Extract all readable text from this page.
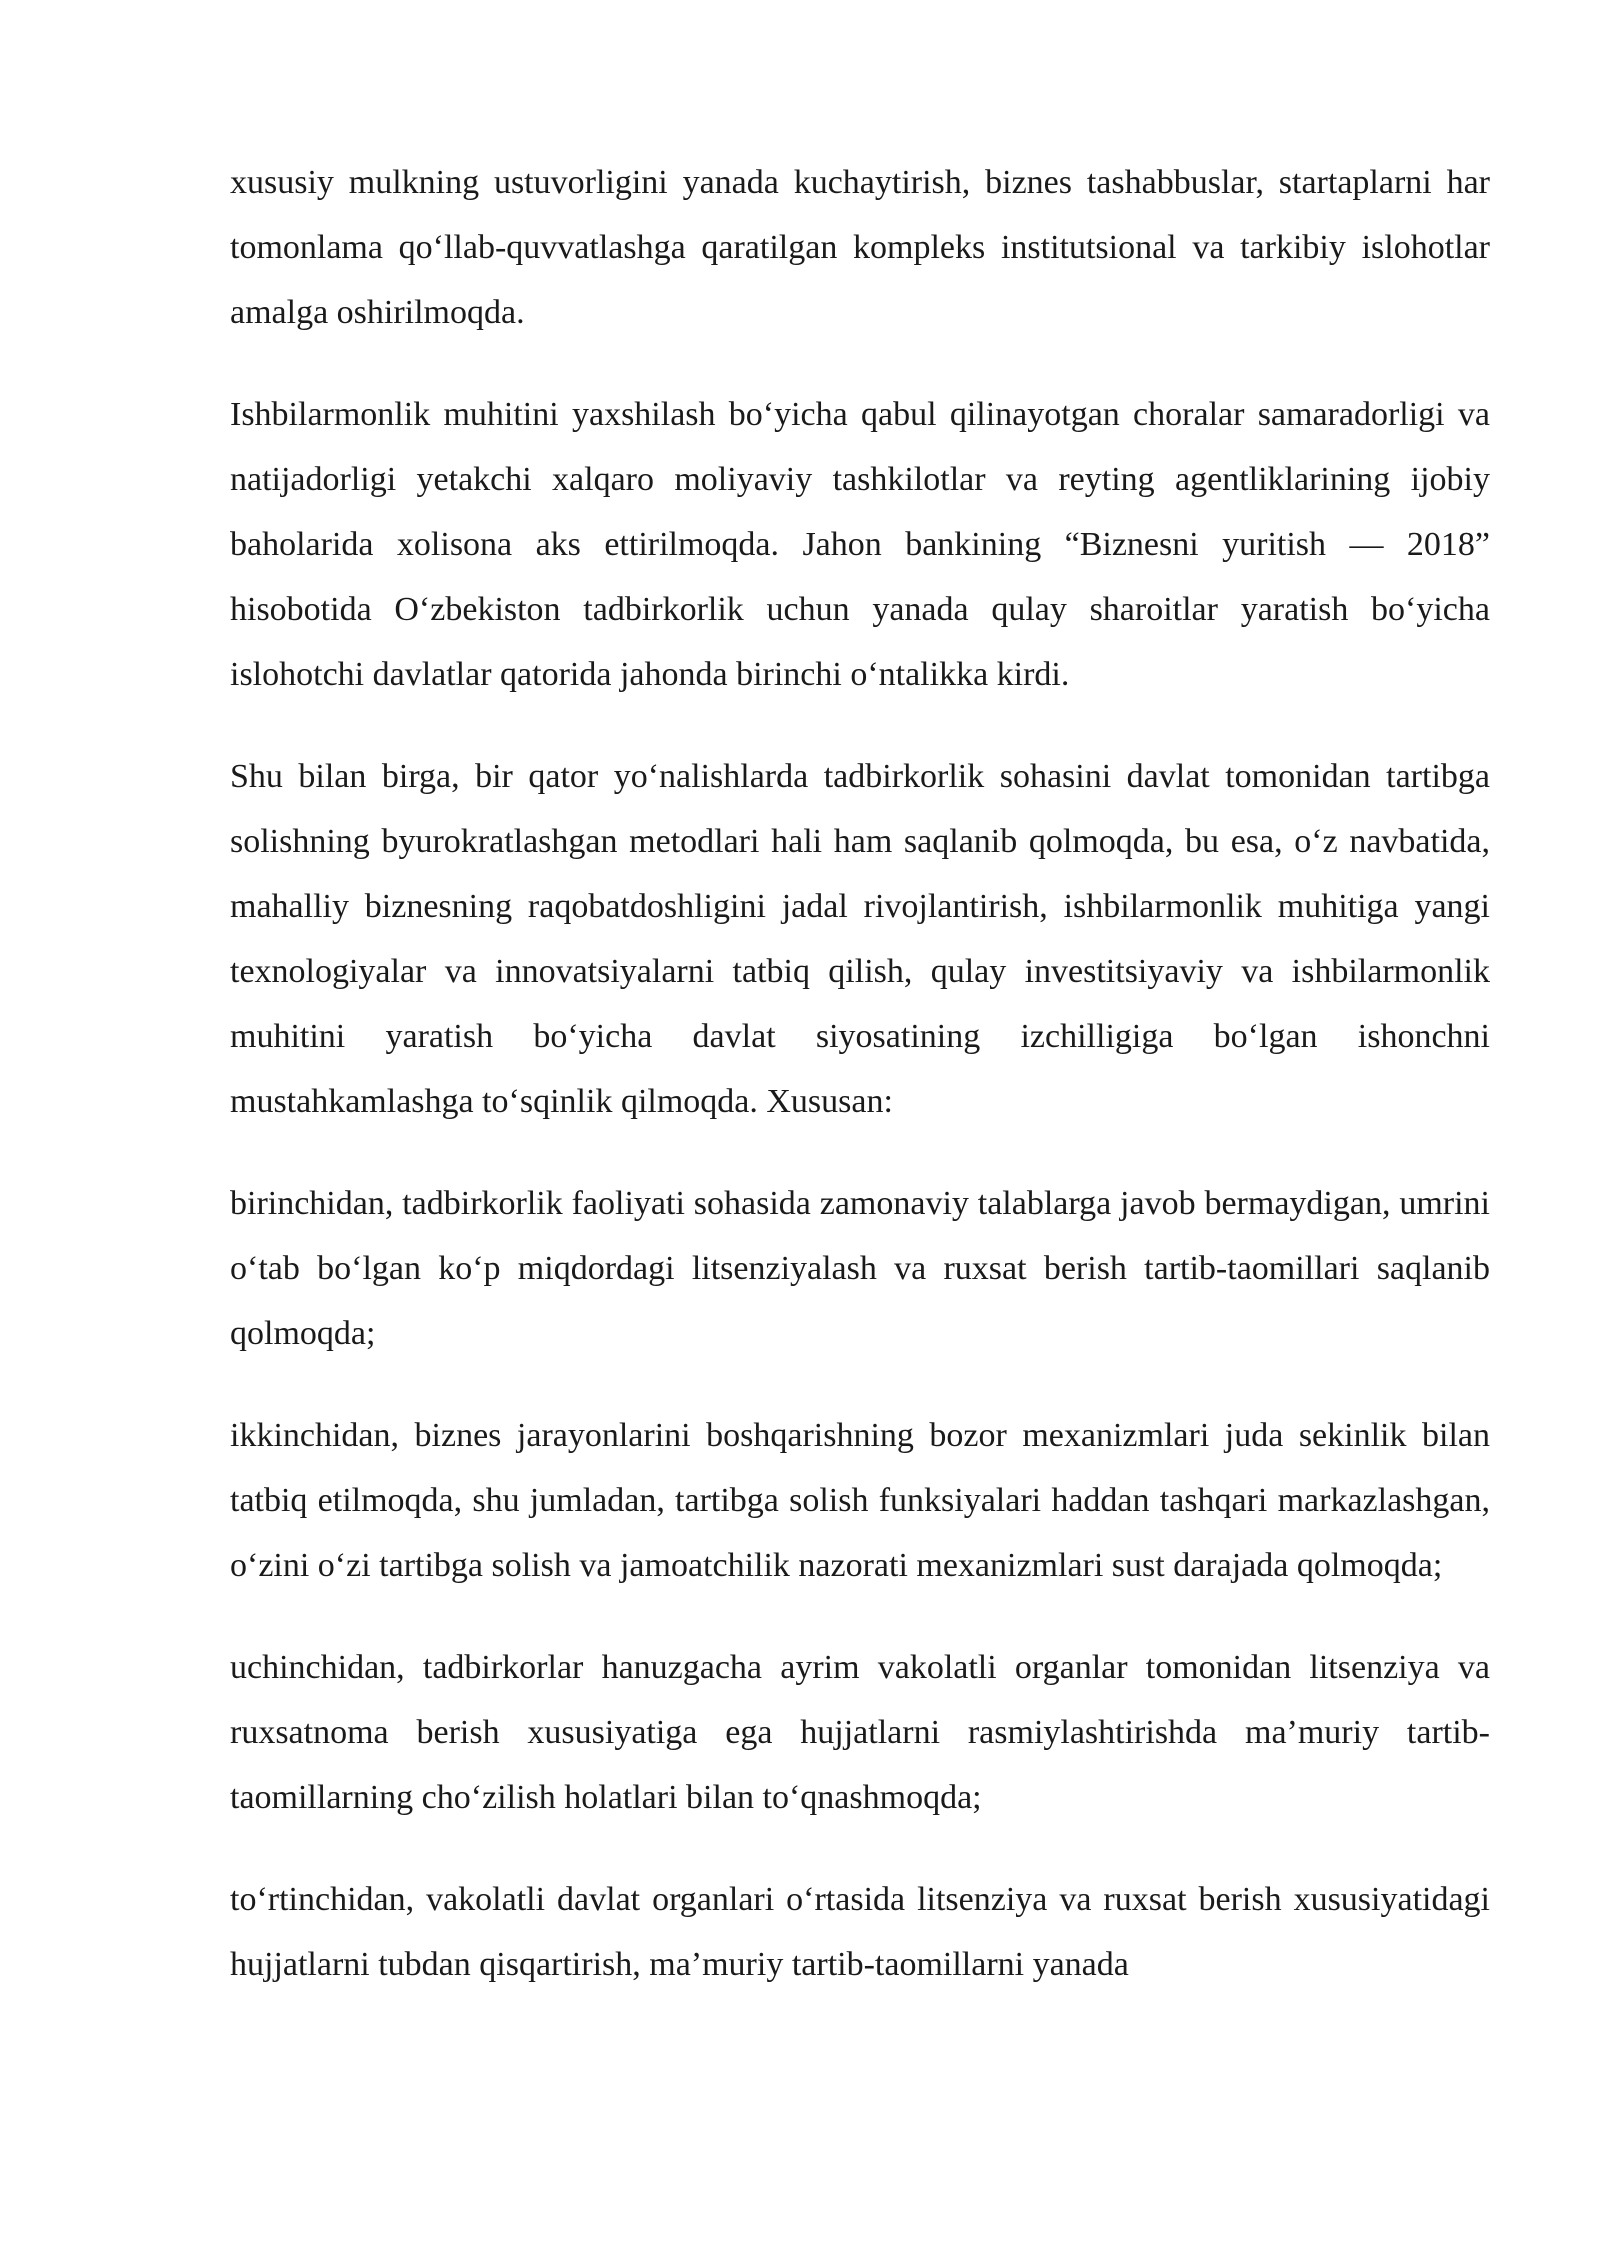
xususiy mulkning ustuvorligini yanada kuchaytirish, biznes tashabbuslar, startaplarni har tomonlama qo‘llab-quvvatlashga qaratilgan kompleks institutsional va tarkibiy islohotlar amalga oshirilmoqda.

Ishbilarmonlik muhitini yaxshilash bo‘yicha qabul qilinayotgan choralar samaradorligi va natijadorligi yetakchi xalqaro moliyaviy tashkilotlar va reyting agentliklarining ijobiy baholarida xolisona aks ettirilmoqda. Jahon bankining “Biznesni yuritish — 2018” hisobotida O‘zbekiston tadbirkorlik uchun yanada qulay sharoitlar yaratish bo‘yicha islohotchi davlatlar qatorida jahonda birinchi o‘ntalikka kirdi.

Shu bilan birga, bir qator yo‘nalishlarda tadbirkorlik sohasini davlat tomonidan tartibga solishning byurokratlashgan metodlari hali ham saqlanib qolmoqda, bu esa, o‘z navbatida, mahalliy biznesning raqobatdoshligini jadal rivojlantirish, ishbilarmonlik muhitiga yangi texnologiyalar va innovatsiyalarni tatbiq qilish, qulay investitsiyaviy va ishbilarmonlik muhitini yaratish bo‘yicha davlat siyosatining izchilligiga bo‘lgan ishonchni mustahkamlashga to‘sqinlik qilmoqda. Xususan:

birinchidan, tadbirkorlik faoliyati sohasida zamonaviy talablarga javob bermaydigan, umrini o‘tab bo‘lgan ko‘p miqdordagi litsenziyalash va ruxsat berish tartib-taomillari saqlanib qolmoqda;

ikkinchidan, biznes jarayonlarini boshqarishning bozor mexanizmlari juda sekinlik bilan tatbiq etilmoqda, shu jumladan, tartibga solish funksiyalari haddan tashqari markazlashgan, o‘zini o‘zi tartibga solish va jamoatchilik nazorati mexanizmlari sust darajada qolmoqda;

uchinchidan, tadbirkorlar hanuzgacha ayrim vakolatli organlar tomonidan litsenziya va ruxsatnoma berish xususiyatiga ega hujjatlarni rasmiylashtirishda ma’muriy tartib-taomillarning cho‘zilish holatlari bilan to‘qnashmoqda;

to‘rtinchidan, vakolatli davlat organlari o‘rtasida litsenziya va ruxsat berish xususiyatidagi hujjatlarni tubdan qisqartirish, ma’muriy tartib-taomillarni yanada
